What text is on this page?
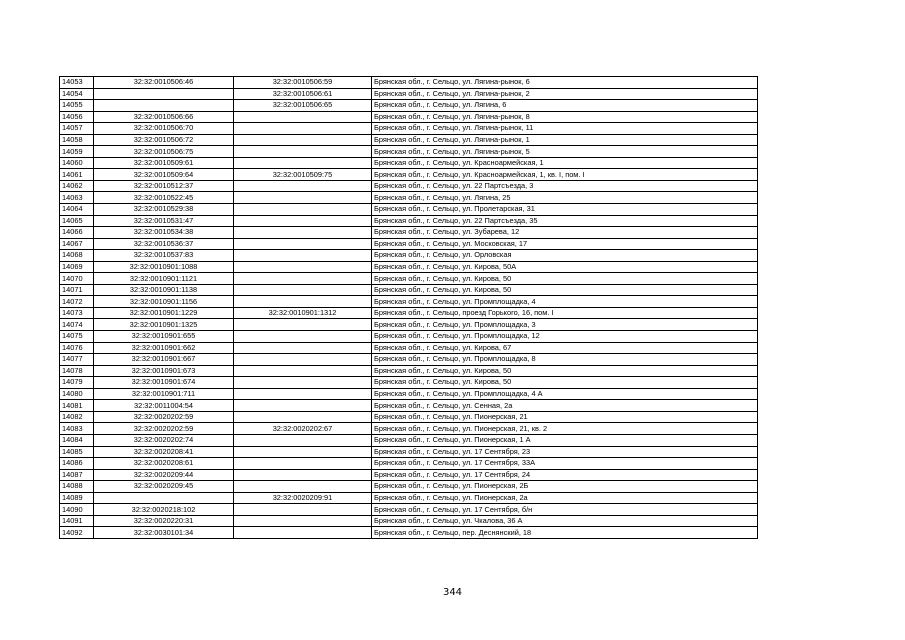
14053	32:32:0010506:46	32:32:0010506:59	Брянская обл., г. Сельцо, ул. Лягина-рынок, 6
14054		32:32:0010506:61	Брянская обл., г. Сельцо, ул. Лягина-рынок, 2
14055		32:32:0010506:65	Брянская обл., г. Сельцо, ул. Лягина, 6
14056	32:32:0010506:66		Брянская обл., г. Сельцо, ул. Лягина-рынок, 8
14057	32:32:0010506:70		Брянская обл., г. Сельцо, ул. Лягина-рынок, 11
14058	32:32:0010506:72		Брянская обл., г. Сельцо, ул. Лягина-рынок, 1
14059	32:32:0010506:75		Брянская обл., г. Сельцо, ул. Лягина-рынок, 5
14060	32:32:0010509:61		Брянская обл., г. Сельцо, ул. Красноармейская, 1
14061	32:32:0010509:64	32:32:0010509:75	Брянская обл., г. Сельцо, ул. Красноармейская, 1, кв. I, пом. I
14062	32:32:0010512:37		Брянская обл., г. Сельцо, ул. 22 Партсъезда, 3
14063	32:32:0010522:45		Брянская обл., г. Сельцо, ул. Лягина, 25
14064	32:32:0010529:38		Брянская обл., г. Сельцо, ул. Пролетарская, 31
14065	32:32:0010531:47		Брянская обл., г. Сельцо, ул. 22 Партсъезда, 35
14066	32:32:0010534:38		Брянская обл., г. Сельцо, ул. Зубарева, 12
14067	32:32:0010536:37		Брянская обл., г. Сельцо, ул. Московская, 17
14068	32:32:0010537:83		Брянская обл., г. Сельцо, ул. Орловская
14069	32:32:0010901:1088		Брянская обл., г. Сельцо, ул. Кирова, 50А
14070	32:32:0010901:1121		Брянская обл., г. Сельцо, ул. Кирова, 50
14071	32:32:0010901:1138		Брянская обл., г. Сельцо, ул. Кирова, 50
14072	32:32:0010901:1156		Брянская обл., г. Сельцо, ул. Промплощадка, 4
14073	32:32:0010901:1229	32:32:0010901:1312	Брянская обл., г. Сельцо, проезд Горького, 16, пом. I
14074	32:32:0010901:1325		Брянская обл., г. Сельцо, ул. Промплощадка, 3
14075	32:32:0010901:655		Брянская обл., г. Сельцо, ул. Промплощадка, 12
14076	32:32:0010901:662		Брянская обл., г. Сельцо, ул. Кирова, 67
14077	32:32:0010901:667		Брянская обл., г. Сельцо, ул. Промплощадка, 8
14078	32:32:0010901:673		Брянская обл., г. Сельцо, ул. Кирова, 50
14079	32:32:0010901:674		Брянская обл., г. Сельцо, ул. Кирова, 50
14080	32:32:0010901:711		Брянская обл., г. Сельцо, ул. Промплощадка, 4 А
14081	32:32:0011004:54		Брянская обл., г. Сельцо, ул. Сенная, 2а
14082	32:32:0020202:59		Брянская обл., г. Сельцо, ул. Пионерская, 21
14083	32:32:0020202:59	32:32:0020202:67	Брянская обл., г. Сельцо, ул. Пионерская, 21, кв. 2
14084	32:32:0020202:74		Брянская обл., г. Сельцо, ул. Пионерская, 1 А
14085	32:32:0020208:41		Брянская обл., г. Сельцо, ул. 17 Сентября, 23
14086	32:32:0020208:61		Брянская обл., г. Сельцо, ул. 17 Сентября, 33А
14087	32:32:0020209:44		Брянская обл., г. Сельцо, ул. 17 Сентября, 24
14088	32:32:0020209:45		Брянская обл., г. Сельцо, ул. Пионерская, 2Б
14089		32:32:0020209:91	Брянская обл., г. Сельцо, ул. Пионерская, 2а
14090	32:32:0020218:102		Брянская обл., г. Сельцо, ул. 17 Сентября, б/н
14091	32:32:0020220:31		Брянская обл., г. Сельцо, ул. Чкалова, 36 А
14092	32:32:0030101:34		Брянская обл., г. Сельцо, пер. Деснянский, 18
344
